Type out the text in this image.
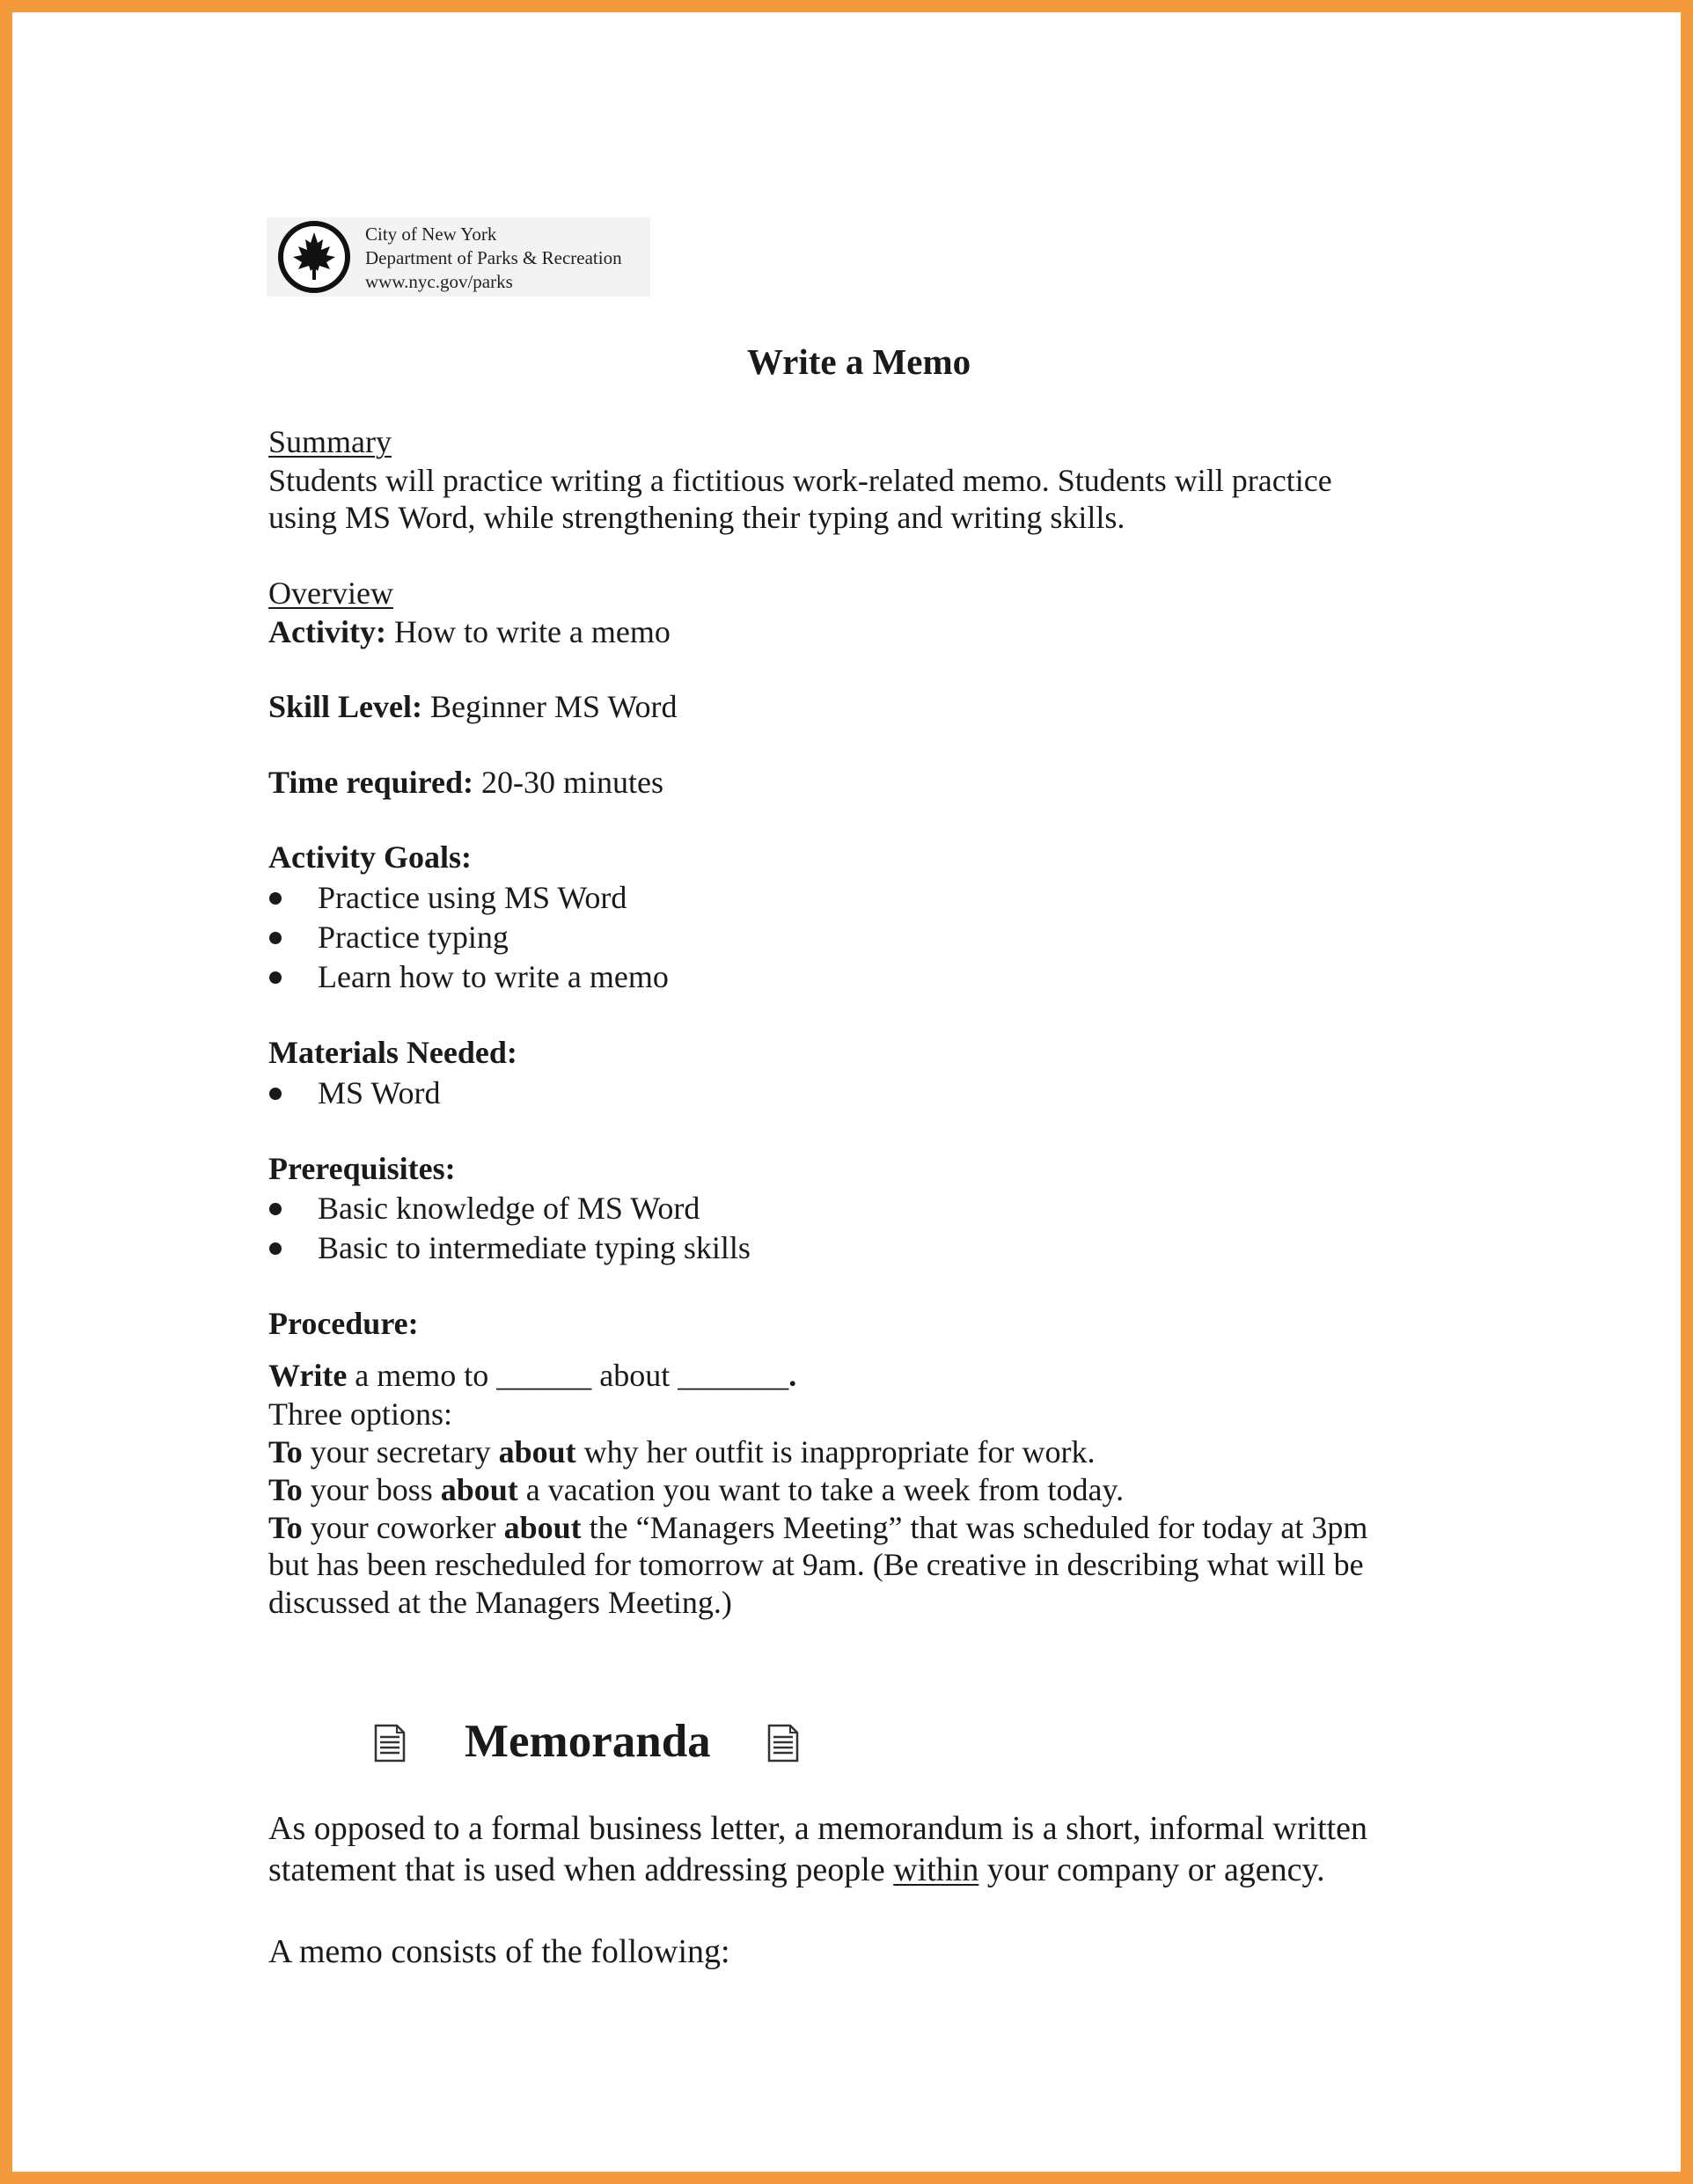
City of New York
Department of Parks & Recreation
www.nyc.gov/parks
Write a Memo
Summary
Students will practice writing a fictitious work-related memo. Students will practice
using MS Word, while strengthening their typing and writing skills.
Overview
Activity: How to write a memo
Skill Level: Beginner MS Word
Time required: 20-30 minutes
Activity Goals:
Practice using MS Word
Practice typing
Learn how to write a memo
Materials Needed:
MS Word
Prerequisites:
Basic knowledge of MS Word
Basic to intermediate typing skills
Procedure:
Write a memo to ______ about _______.
Three options:
To your secretary about why her outfit is inappropriate for work.
To your boss about a vacation you want to take a week from today.
To your coworker about the “Managers Meeting” that was scheduled for today at 3pm
but has been rescheduled for tomorrow at 9am. (Be creative in describing what will be
discussed at the Managers Meeting.)
Memoranda
As opposed to a formal business letter, a memorandum is a short, informal written
statement that is used when addressing people within your company or agency.
A memo consists of the following:
